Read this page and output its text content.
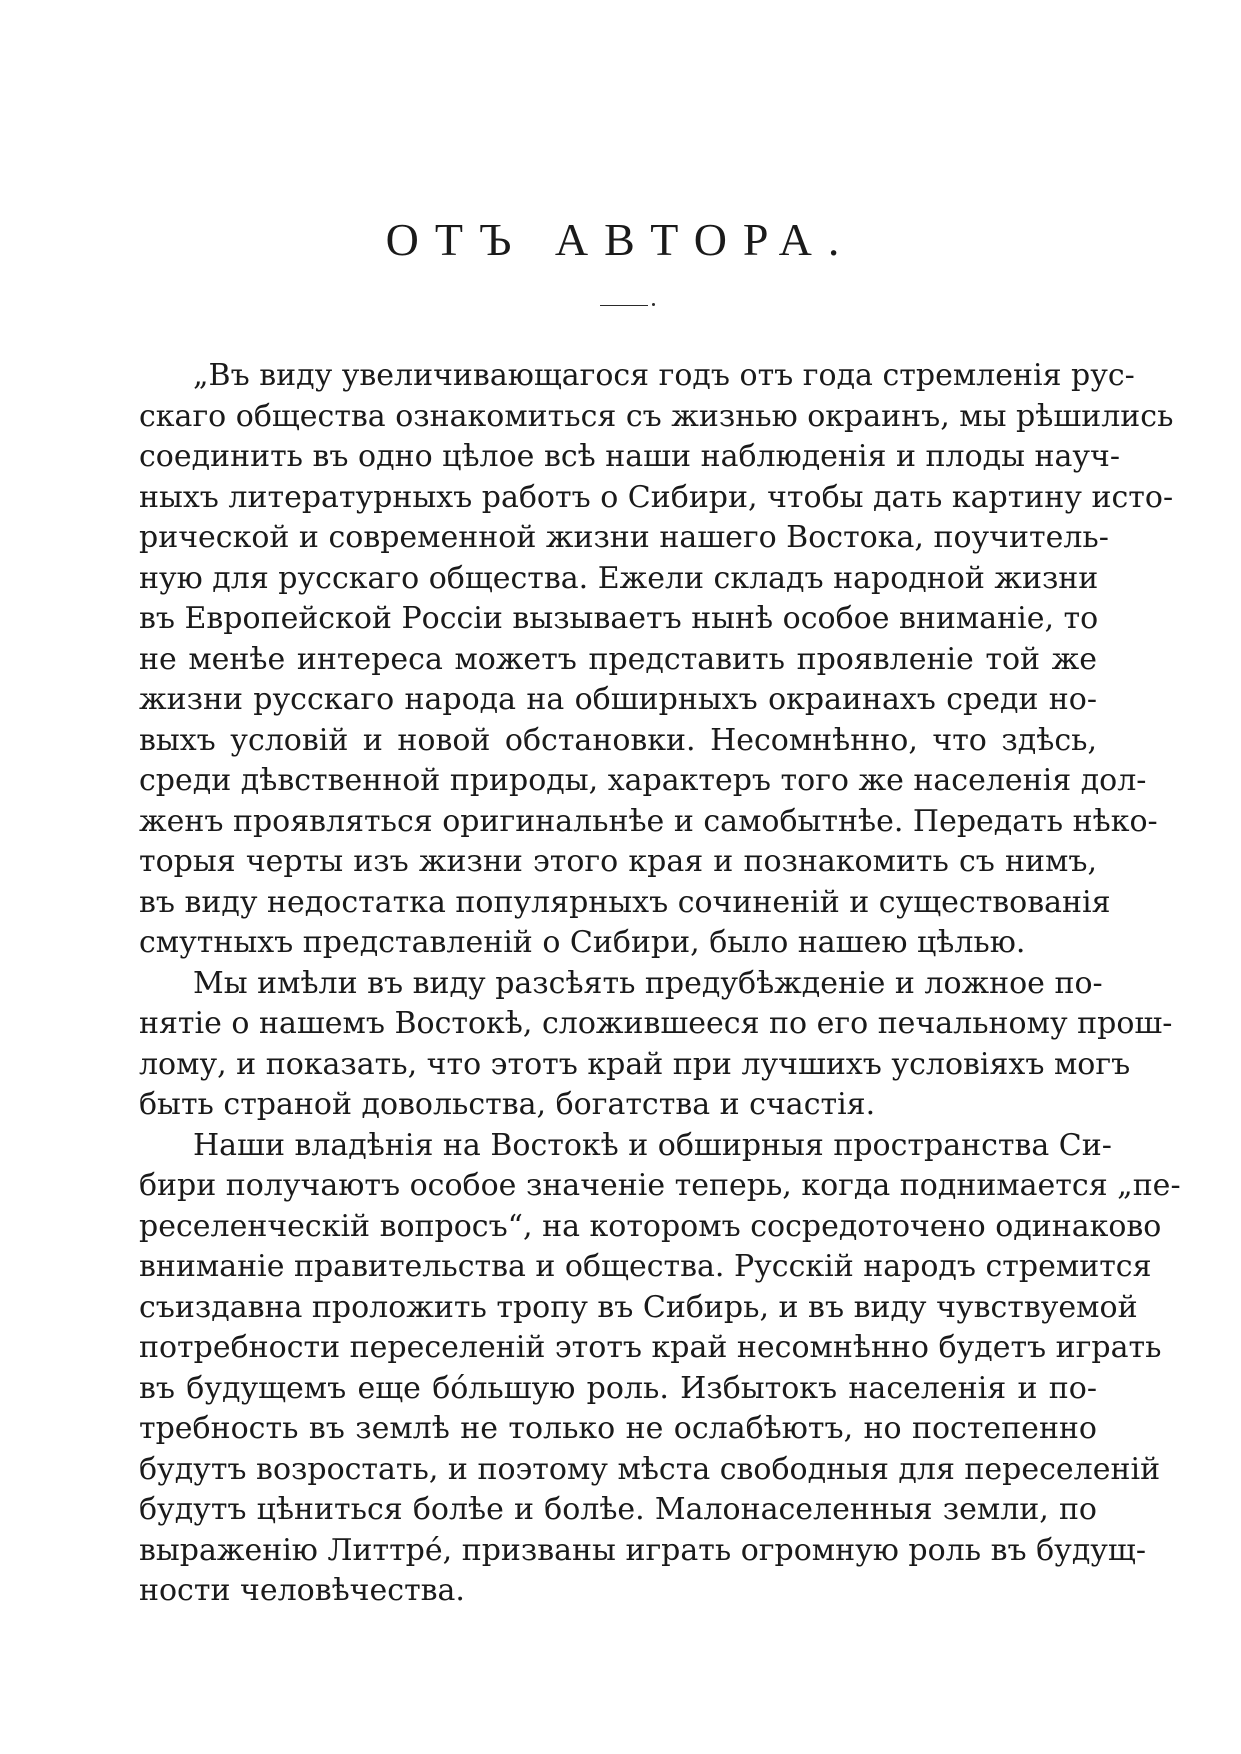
ОТЪ АВТОРА.
„Въ виду увеличивающагося годъ отъ года стремленія рус-
скаго общества ознакомиться съ жизнью окраинъ, мы рѣшились
соединить въ одно цѣлое всѣ наши наблюденія и плоды науч-
ныхъ литературныхъ работъ о Сибири, чтобы дать картину исто-
рической и современной жизни нашего Востока, поучитель-
ную для русскаго общества. Ежели складъ народной жизни
въ Европейской Россіи вызываетъ нынѣ особое вниманіе, то
не менѣе интереса можетъ представить проявленіе той же
жизни русскаго народа на обширныхъ окраинахъ среди но-
выхъ условій и новой обстановки. Несомнѣнно, что здѣсь,
среди дѣвственной природы, характеръ того же населенія дол-
женъ проявляться оригинальнѣе и самобытнѣе. Передать нѣко-
торыя черты изъ жизни этого края и познакомить съ нимъ,
въ виду недостатка популярныхъ сочиненій и существованія
смутныхъ представленій о Сибири, было нашею цѣлью.
Мы имѣли въ виду разсѣять предубѣжденіе и ложное по-
нятіе о нашемъ Востокѣ, сложившееся по его печальному прош-
лому, и показать, что этотъ край при лучшихъ условіяхъ могъ
быть страной довольства, богатства и счастія.
Наши владѣнія на Востокѣ и обширныя пространства Си-
бири получаютъ особое значеніе теперь, когда поднимается „пе-
реселенческій вопросъ“, на которомъ сосредоточено одинаково
вниманіе правительства и общества. Русскій народъ стремится
съиздавна проложить тропу въ Сибирь, и въ виду чувствуемой
потребности переселеній этотъ край несомнѣнно будетъ играть
въ будущемъ еще бо́льшую роль. Избытокъ населенія и по-
требность въ землѣ не только не ослабѣютъ, но постепенно
будутъ возростать, и поэтому мѣста свободныя для переселеній
будутъ цѣниться болѣе и болѣе. Малонаселенныя земли, по
выраженію Литтре́, призваны играть огромную роль въ будущ-
ности человѣчества.
